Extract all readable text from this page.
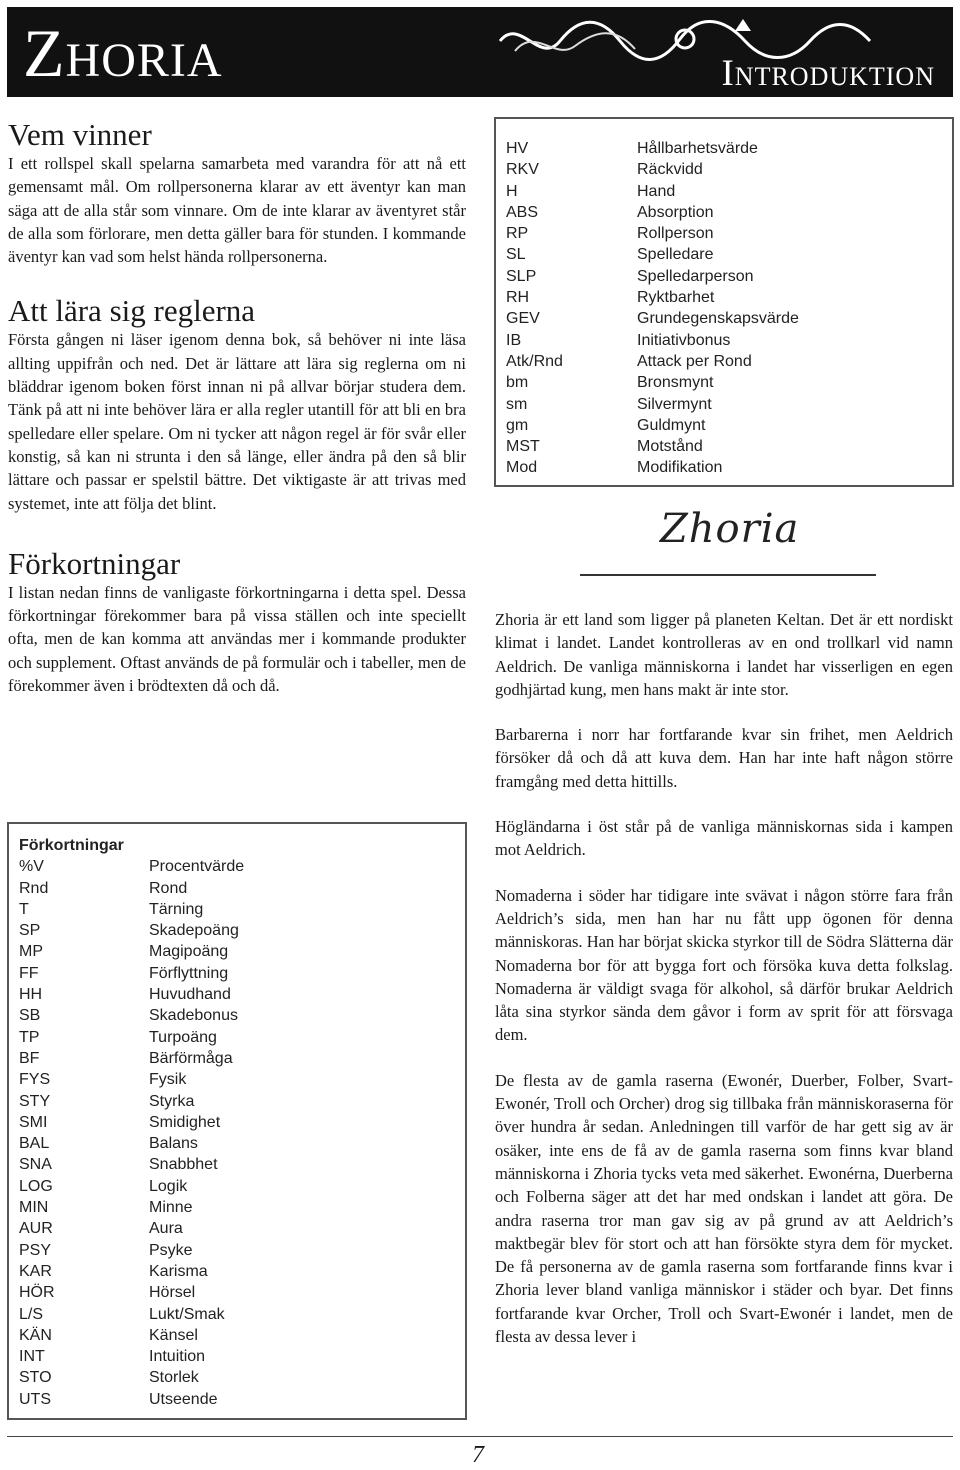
Zhoria	Introduktion
Vem vinner

I ett rollspel skall spelarna samarbeta med varandra för att nå ett gemensamt mål. Om rollpersonerna klarar av ett äventyr kan man säga att de alla står som vinnare. Om de inte klarar av äventyret står de alla som förlorare, men detta gäller bara för stunden. I kommande äventyr kan vad som helst hända rollpersonerna.

Att lära sig reglerna

Första gången ni läser igenom denna bok, så behöver ni inte läsa allting uppifrån och ned. Det är lättare att lära sig reglerna om ni bläddrar igenom boken först innan ni på allvar börjar studera dem. Tänk på att ni inte behöver lära er alla regler utantill för att bli en bra spelledare eller spelare. Om ni tycker att någon regel är för svår eller konstig, så kan ni strunta i den så länge, eller ändra på den så blir lättare och passar er spelstil bättre. Det viktigaste är att trivas med systemet, inte att följa det blint.

Förkortningar

I listan nedan finns de vanligaste förkortningarna i detta spel. Dessa förkortningar förekommer bara på vissa ställen och inte speciellt ofta, men de kan komma att användas mer i kommande produkter och supplement. Oftast används de på formulär och i tabeller, men de förekommer även i brödtexten då och då.

Förkortningar
%V	Procentvärde
Rnd	Rond
T	Tärning
SP	Skadepoäng
MP	Magipoäng
FF	Förflyttning
HH	Huvudhand
SB	Skadebonus
TP	Turpoäng
BF	Bärförmåga
FYS	Fysik
STY	Styrka
SMI	Smidighet
BAL	Balans
SNA	Snabbhet
LOG	Logik
MIN	Minne
AUR	Aura
PSY	Psyke
KAR	Karisma
HÖR	Hörsel
L/S	Lukt/Smak
KÄN	Känsel
INT	Intuition
STO	Storlek
UTS	Utseende
HV	Hållbarhetsvärde
RKV	Räckvidd
H	Hand
ABS	Absorption
RP	Rollperson
SL	Spelledare
SLP	Spelledarperson
RH	Ryktbarhet
GEV	Grundegenskapsvärde
IB	Initiativbonus
Atk/Rnd	Attack per Rond
bm	Bronsmynt
sm	Silvermynt
gm	Guldmynt
MST	Motstånd
Mod	Modifikation
Zhoria

Zhoria är ett land som ligger på planeten Keltan. Det är ett nordiskt klimat i landet. Landet kontrolleras av en ond trollkarl vid namn Aeldrich. De vanliga människorna i landet har visserligen en egen godhjärtad kung, men hans makt är inte stor.

Barbarerna i norr har fortfarande kvar sin frihet, men Aeldrich försöker då och då att kuva dem. Han har inte haft någon större framgång med detta hittills.

Högländarna i öst står på de vanliga människornas sida i kampen mot Aeldrich.

Nomaderna i söder har tidigare inte svävat i någon större fara från Aeldrich’s sida, men han har nu fått upp ögonen för denna människoras. Han har börjat skicka styrkor till de Södra Slätterna där Nomaderna bor för att bygga fort och försöka kuva detta folkslag. Nomaderna är väldigt svaga för alkohol, så därför brukar Aeldrich låta sina styrkor sända dem gåvor i form av sprit för att försvaga dem.

De flesta av de gamla raserna (Ewonér, Duerber, Folber, Svart-Ewonér, Troll och Orcher) drog sig tillbaka från människoraserna för över hundra år sedan. Anledningen till varför de har gett sig av är osäker, inte ens de få av de gamla raserna som finns kvar bland människorna i Zhoria tycks veta med säkerhet. Ewonérna, Duerberna och Folberna säger att det har med ondskan i landet att göra. De andra raserna tror man gav sig av på grund av att Aeldrich’s maktbegär blev för stort och att han försökte styra dem för mycket. De få personerna av de gamla raserna som fortfarande finns kvar i Zhoria lever bland vanliga människor i städer och byar. Det finns fortfarande kvar Orcher, Troll och Svart-Ewonér i landet, men de flesta av dessa lever i

7
